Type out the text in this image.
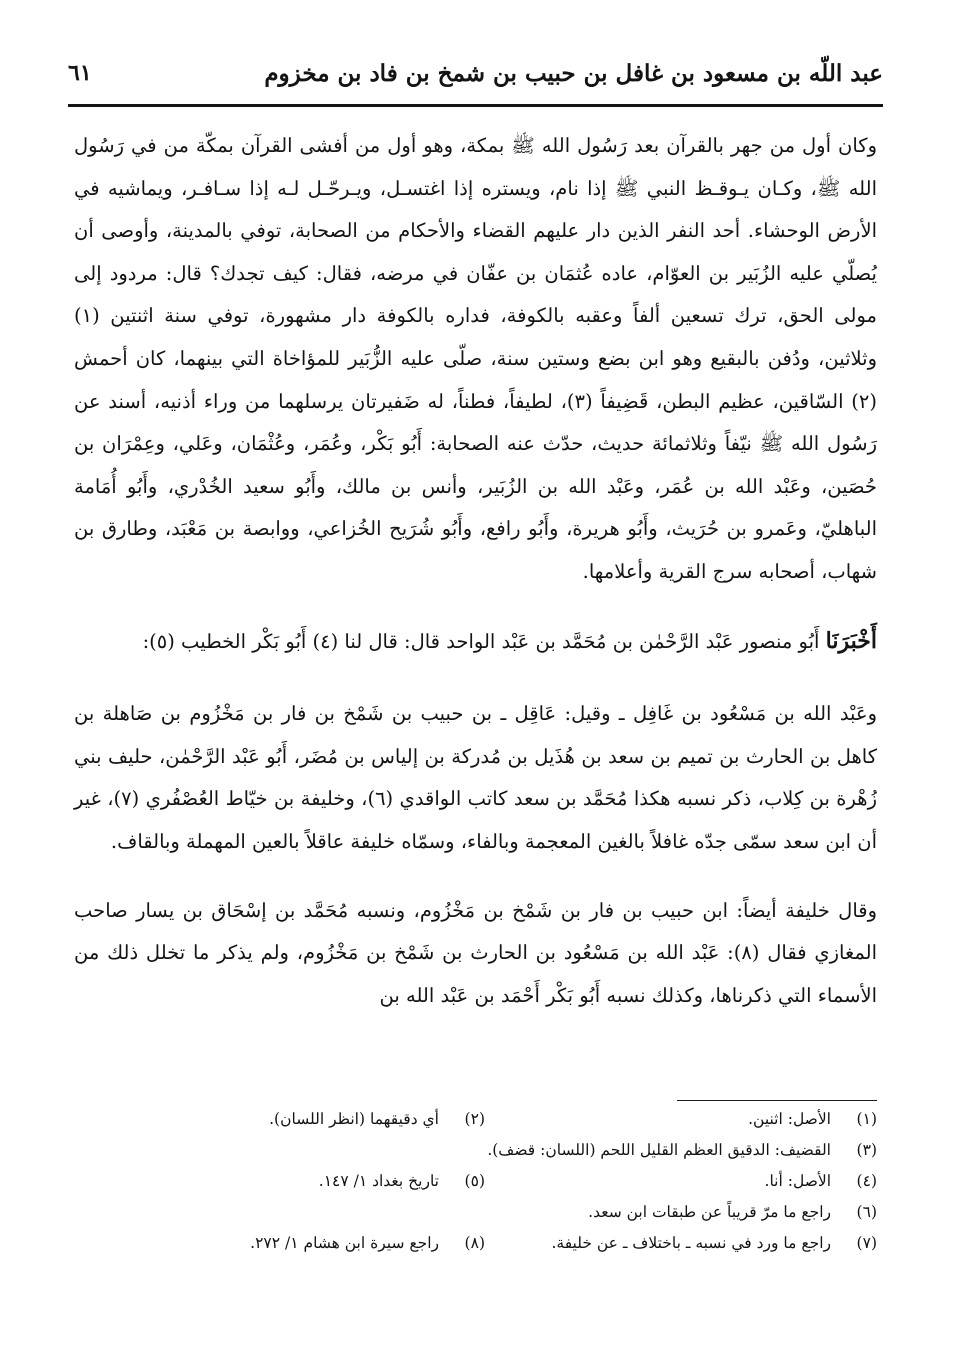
عبد اللّه بن مسعود بن غافل بن حبيب بن شمخ بن فاد بن مخزوم
٦١

وكان أول من جهر بالقرآن بعد رَسُول الله ﷺ بمكة، وهو أول من أفشى القرآن بمكّة من في رَسُول الله ﷺ، وكـان يـوقـظ النبي ﷺ إذا نام، ويستره إذا اغتسـل، ويـرحّـل لـه إذا سـافـر، ويماشيه في الأرض الوحشاء. أحد النفر الذين دار عليهم القضاء والأحكام من الصحابة، توفي بالمدينة، وأوصى أن يُصلّي عليه الزُبَير بن العوّام، عاده عُثمَان بن عفّان في مرضه، فقال: كيف تجدك؟ قال: مردود إلى مولى الحق، ترك تسعين ألفاً وعقبه بالكوفة، فداره بالكوفة دار مشهورة، توفي سنة اثنتين (١) وثلاثين، ودُفن بالبقيع وهو ابن بضع وستين سنة، صلّى عليه الزُّبَير للمؤاخاة التي بينهما، كان أحمش (٢) السّاقين، عظيم البطن، قَضِيفاً (٣)، لطيفاً، فطناً، له ضَفيرتان يرسلهما من وراء أذنيه، أسند عن رَسُول الله ﷺ نيّفاً وثلاثمائة حديث، حدّث عنه الصحابة: أَبُو بَكْر، وعُمَر، وعُثْمَان، وعَلي، وعِمْرَان بن حُصَين، وعَبْد الله بن عُمَر، وعَبْد الله بن الزُبَير، وأنس بن مالك، وأَبُو سعيد الخُدْري، وأَبُو أُمَامة الباهليّ، وعَمرو بن حُرَيث، وأَبُو هريرة، وأَبُو رافع، وأَبُو شُرَيح الخُزاعي، ووابصة بن مَعْبَد، وطارق بن شهاب، أصحابه سرج القرية وأعلامها.

أَخْبَرَنَا أَبُو منصور عَبْد الرَّحْمٰن بن مُحَمَّد بن عَبْد الواحد قال: قال لنا (٤) أَبُو بَكْر الخطيب (٥):

وعَبْد الله بن مَسْعُود بن غَافِل ـ وقيل: عَاقِل ـ بن حبيب بن شَمْخ بن فار بن مَخْزُوم بن صَاهلة بن كاهل بن الحارث بن تميم بن سعد بن هُذَيل بن مُدركة بن إلياس بن مُضَر، أَبُو عَبْد الرَّحْمٰن، حليف بني زُهْرة بن كِلاب، ذكر نسبه هكذا مُحَمَّد بن سعد كاتب الواقدي (٦)، وخليفة بن خيّاط العُصْفُري (٧)، غير أن ابن سعد سمّى جدّه غافلاً بالغين المعجمة وبالفاء، وسمّاه خليفة عاقلاً بالعين المهملة وبالقاف.

وقال خليفة أيضاً: ابن حبيب بن فار بن شَمْخ بن مَخْزُوم، ونسبه مُحَمَّد بن إسْحَاق بن يسار صاحب المغازي فقال (٨): عَبْد الله بن مَسْعُود بن الحارث بن شَمْخ بن مَخْزُوم، ولم يذكر ما تخلل ذلك من الأسماء التي ذكرناها، وكذلك نسبه أَبُو بَكْر أَحْمَد بن عَبْد الله بن

(١)
الأصل: اثنين.
(٢)
أي دقيقهما (انظر اللسان).
(٣)
القضيف: الدقيق العظم القليل اللحم (اللسان: قضف).
(٤)
الأصل: أنا.
(٥)
تاريخ بغداد ١/ ١٤٧.
(٦)
راجع ما مرّ قريباً عن طبقات ابن سعد.
(٧)
راجع ما ورد في نسبه ـ باختلاف ـ عن خليفة.
(٨)
راجع سيرة ابن هشام ١/ ٢٧٢.
